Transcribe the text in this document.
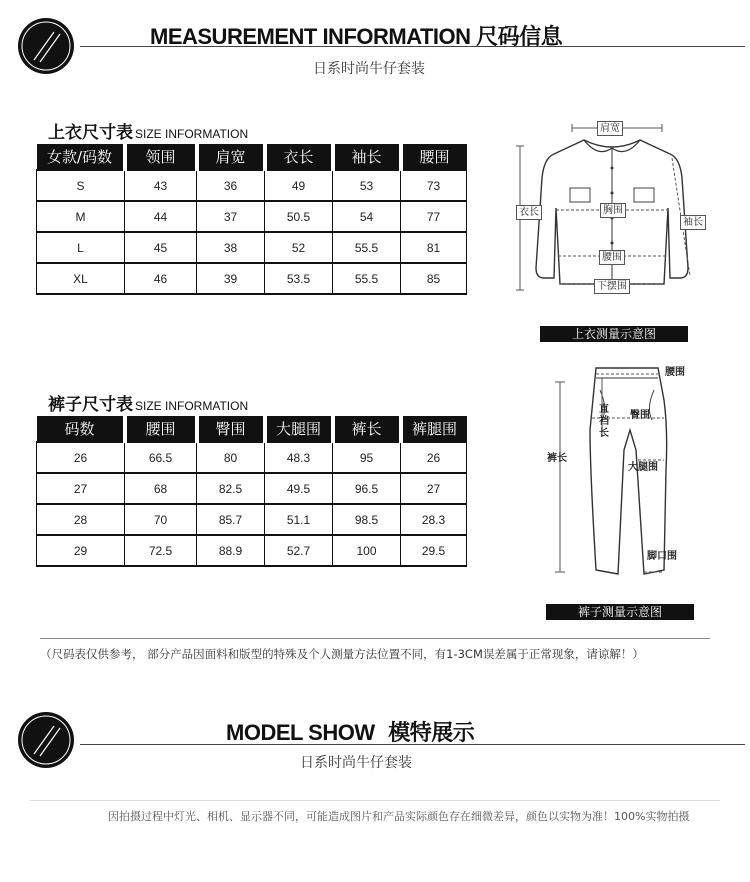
MEASUREMENT INFORMATION 尺码信息
日系时尚牛仔套装
上衣尺寸表 SIZE INFORMATION
女款/码数	领围	肩宽	衣长	袖长	腰围
S	43	36	49	53	73
M	44	37	50.5	54	77
L	45	38	52	55.5	81
XL	46	39	53.5	55.5	85
肩宽
衣长	胸围
袖长
腰围
下摆围
上衣测量示意图
裤子尺寸表 SIZE INFORMATION
码数	腰围	臀围	大腿围	裤长	裤腿围
26	66.5	80	48.3	95	26
27	68	82.5	49.5	96.5	27
28	70	85.7	51.1	98.5	28.3
29	72.5	88.9	52.7	100	29.5
腰围
直裆长
臀围
裤长
大腿围
脚口围
裤子测量示意图
（尺码表仅供参考， 部分产品因面料和版型的特殊及个人测量方法位置不同，有1-3CM误差属于正常现象，请谅解！）
MODEL SHOW 模特展示
日系时尚牛仔套装
因拍摄过程中灯光、相机、显示器不同，可能造成图片和产品实际颜色存在细微差异，颜色以实物为准！100%实物拍摄
